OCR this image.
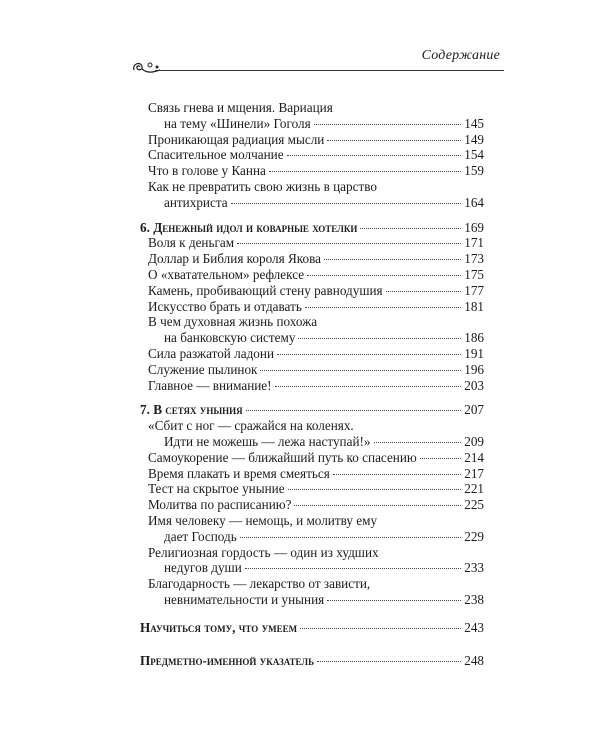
Содержание
Связь гнева и мщения. Вариация
на тему «Шинели» Гоголя	145
Проникающая радиация мысли	149
Спасительное молчание	154
Что в голове у Канна	159
Как не превратить свою жизнь в царство
антихриста	164
6. Денежный идол и коварные хотелки	169
Воля к деньгам	171
Доллар и Библия короля Якова	173
О «хватательном» рефлексе	175
Камень, пробивающий стену равнодушия	177
Искусство брать и отдавать	181
В чем духовная жизнь похожа
на банковскую систему	186
Сила разжатой ладони	191
Служение пылинок	196
Главное — внимание!	203
7. В сетях уныния	207
«Сбит с ног — сражайся на коленях.
Идти не можешь — лежа наступай!»	209
Самоукорение — ближайший путь ко спасению	214
Время плакать и время смеяться	217
Тест на скрытое уныние	221
Молитва по расписанию?	225
Имя человеку — немощь, и молитву ему
дает Господь	229
Религиозная гордость — один из худших
недугов души	233
Благодарность — лекарство от зависти,
невнимательности и уныния	238
Научиться тому, что умеем	243
Предметно-именной указатель	248
